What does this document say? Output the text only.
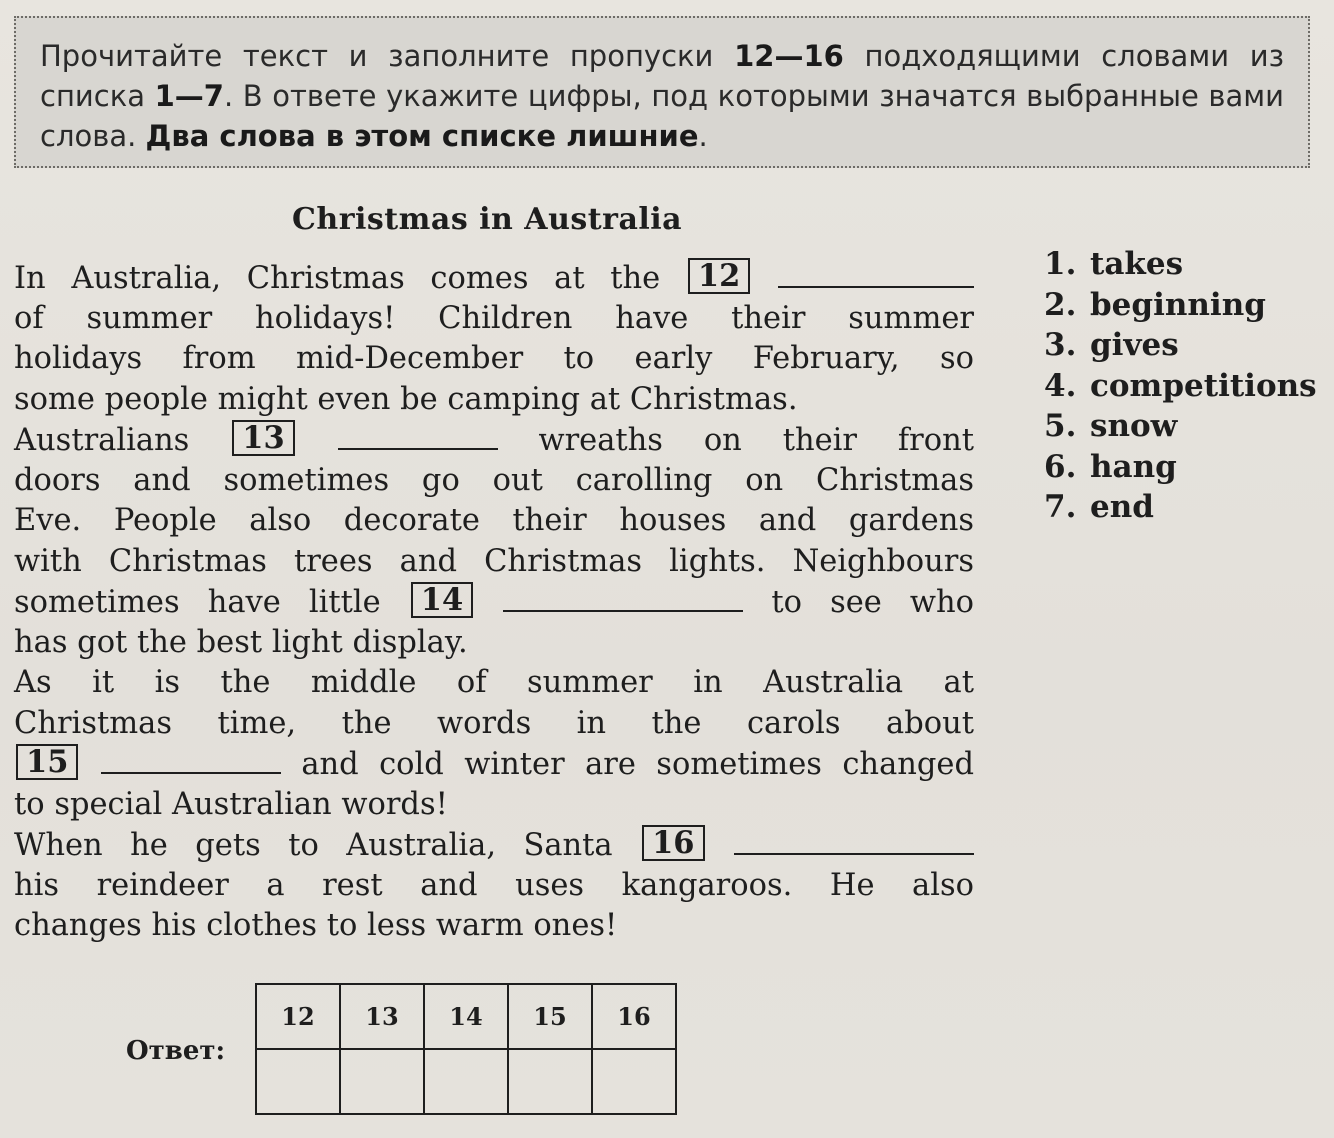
Прочитайте текст и заполните пропуски 12—16 подходящими словами из списка 1—7. В ответе укажите цифры, под которыми значатся выбранные вами слова. Два слова в этом списке лишние.
Christmas in Australia
In Australia, Christmas comes at the 12
of summer holidays! Children have their summer
holidays from mid-December to early February, so
some people might even be camping at Christmas.
Australians 13	wreaths on their front
doors and sometimes go out carolling on Christmas
Eve. People also decorate their houses and gardens
with Christmas trees and Christmas lights. Neighbours
sometimes have little 14	to see who
has got the best light display.
As it is the middle of summer in Australia at
Christmas time, the words in the carols about
15	and cold winter are sometimes changed
to special Australian words!
When he gets to Australia, Santa 16
his reindeer a rest and uses kangaroos. He also
changes his clothes to less warm ones!
1. takes
2. beginning
3. gives
4. competitions
5. snow
6. hang
7. end
Ответ:
12	13	14	15	16
